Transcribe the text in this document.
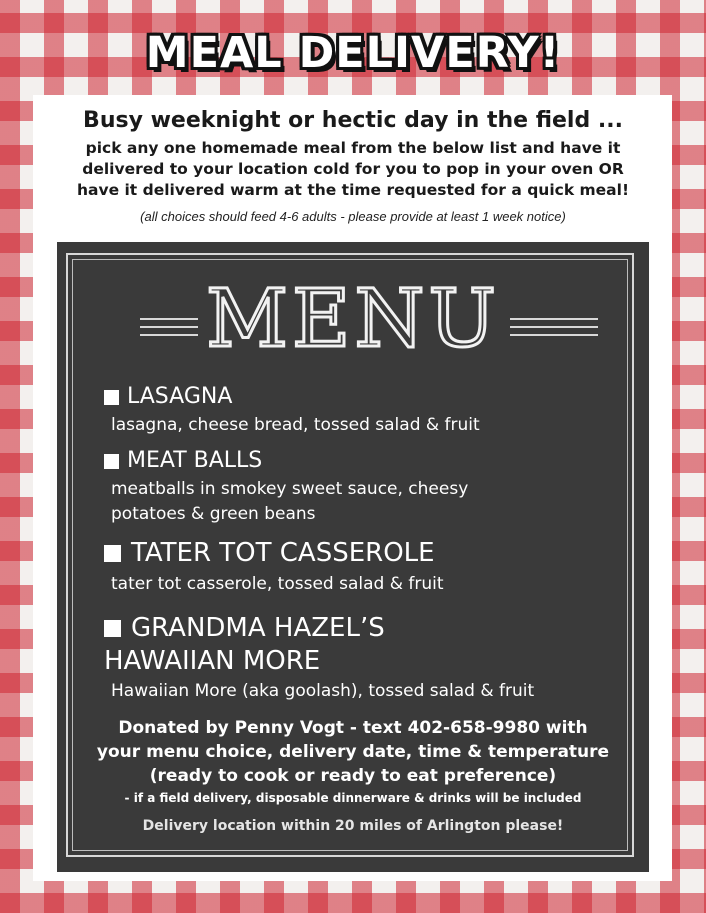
MEAL DELIVERY!
Busy weeknight or hectic day in the field ...
pick any one homemade meal from the below list and have it
delivered to your location cold for you to pop in your oven OR
have it delivered warm at the time requested for a quick meal!
(all choices should feed 4-6 adults - please provide at least 1 week notice)
MENU
LASAGNA
lasagna, cheese bread, tossed salad & fruit
MEAT BALLS
meatballs in smokey sweet sauce, cheesy
potatoes & green beans
TATER TOT CASSEROLE
tater tot casserole, tossed salad & fruit
GRANDMA HAZEL’S
HAWAIIAN MORE
Hawaiian More (aka goolash), tossed salad & fruit
Donated by Penny Vogt - text 402-658-9980 with
your menu choice, delivery date, time & temperature
(ready to cook or ready to eat preference)
- if a field delivery, disposable dinnerware & drinks will be included
Delivery location within 20 miles of Arlington please!
